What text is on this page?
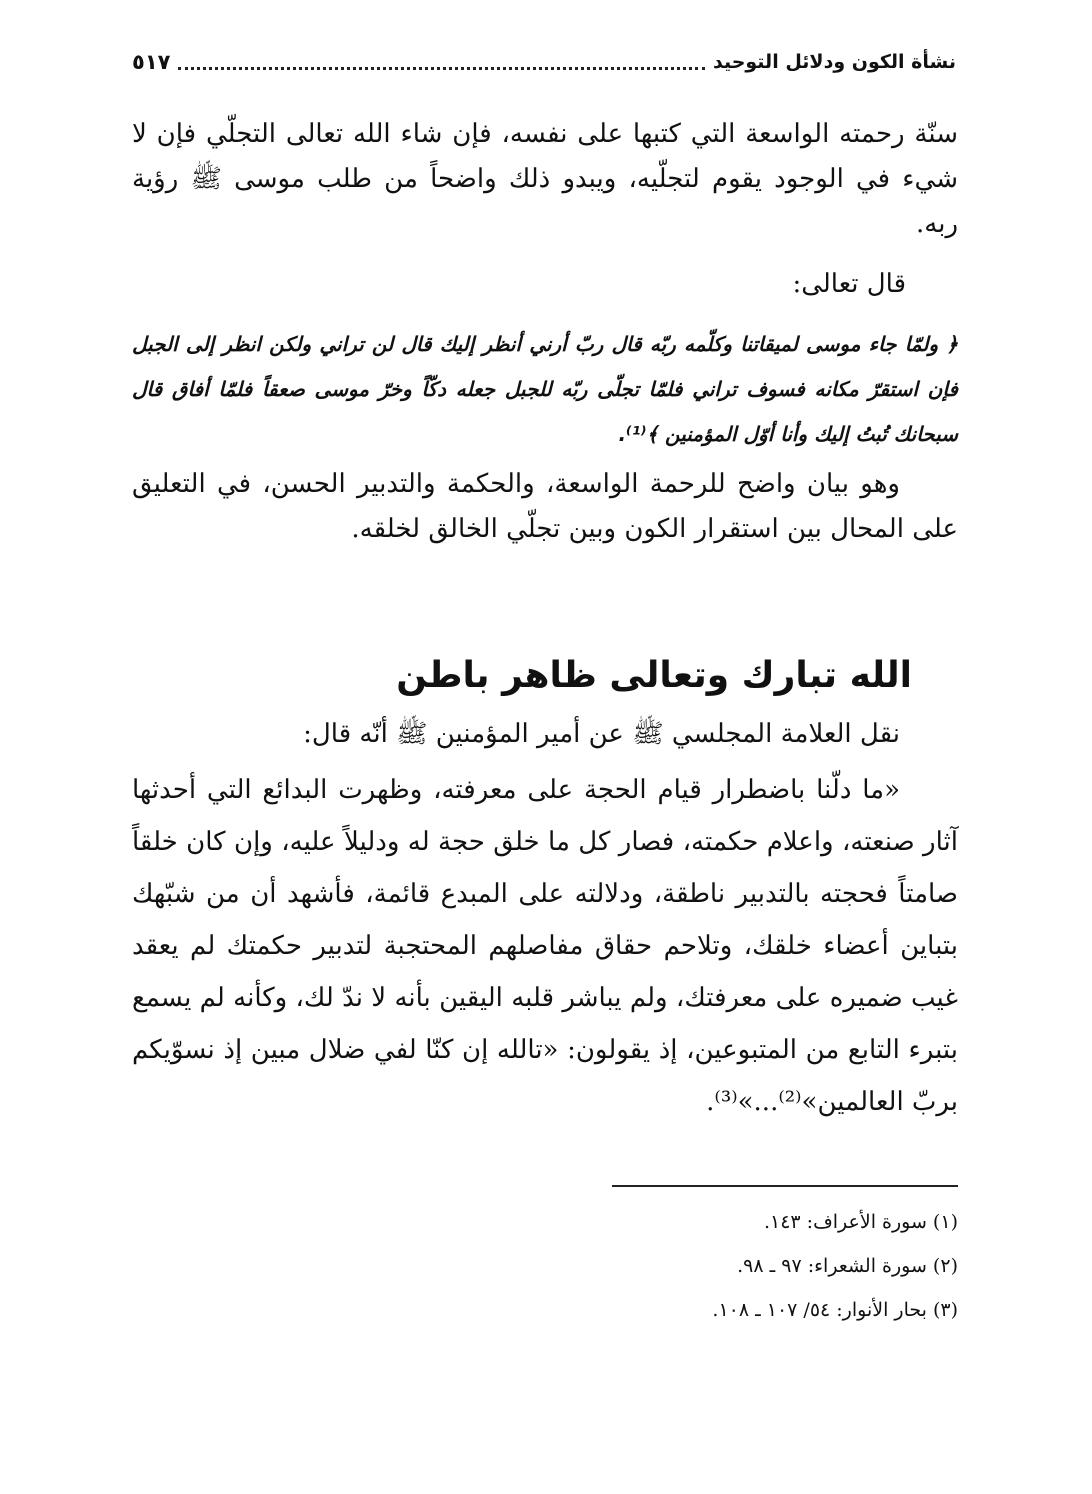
نشأة الكون ودلائل التوحيد
٥١٧

سنّة رحمته الواسعة التي كتبها على نفسه، فإن شاء الله تعالى التجلّي فإن لا شيء في الوجود يقوم لتجلّيه، ويبدو ذلك واضحاً من طلب موسى ﷺ رؤية ربه.

قال تعالى:

﴿ ولمّا جاء موسى لميقاتنا وكلّمه ربّه قال ربّ أرني أنظر إليك قال لن تراني ولكن انظر إلى الجبل فإن استقرّ مكانه فسوف تراني فلمّا تجلّى ربّه للجبل جعله دكّاً وخرّ موسى صعقاً فلمّا أفاق قال سبحانك تُبتُ إليك وأنا أوّل المؤمنين ﴾⁽¹⁾.

وهو بيان واضح للرحمة الواسعة، والحكمة والتدبير الحسن، في التعليق على المحال بين استقرار الكون وبين تجلّي الخالق لخلقه.

الله تبارك وتعالى ظاهر باطن

نقل العلامة المجلسي ﷺ عن أمير المؤمنين ﷺ أنّه قال:

«ما دلّنا باضطرار قيام الحجة على معرفته، وظهرت البدائع التي أحدثها آثار صنعته، واعلام حكمته، فصار كل ما خلق حجة له ودليلاً عليه، وإن كان خلقاً صامتاً فحجته بالتدبير ناطقة، ودلالته على المبدع قائمة، فأشهد أن من شبّهك بتباين أعضاء خلقك، وتلاحم حقاق مفاصلهم المحتجبة لتدبير حكمتك لم يعقد غيب ضميره على معرفتك، ولم يباشر قلبه اليقين بأنه لا ندّ لك، وكأنه لم يسمع بتبرء التابع من المتبوعين، إذ يقولون: «تالله إن كنّا لفي ضلال مبين إذ نسوّيكم بربّ العالمين»⁽²⁾...»⁽³⁾.

(١) سورة الأعراف: ١٤٣.
(٢) سورة الشعراء: ٩٧ ـ ٩٨.
(٣) بحار الأنوار: ٥٤/ ١٠٧ ـ ١٠٨.
